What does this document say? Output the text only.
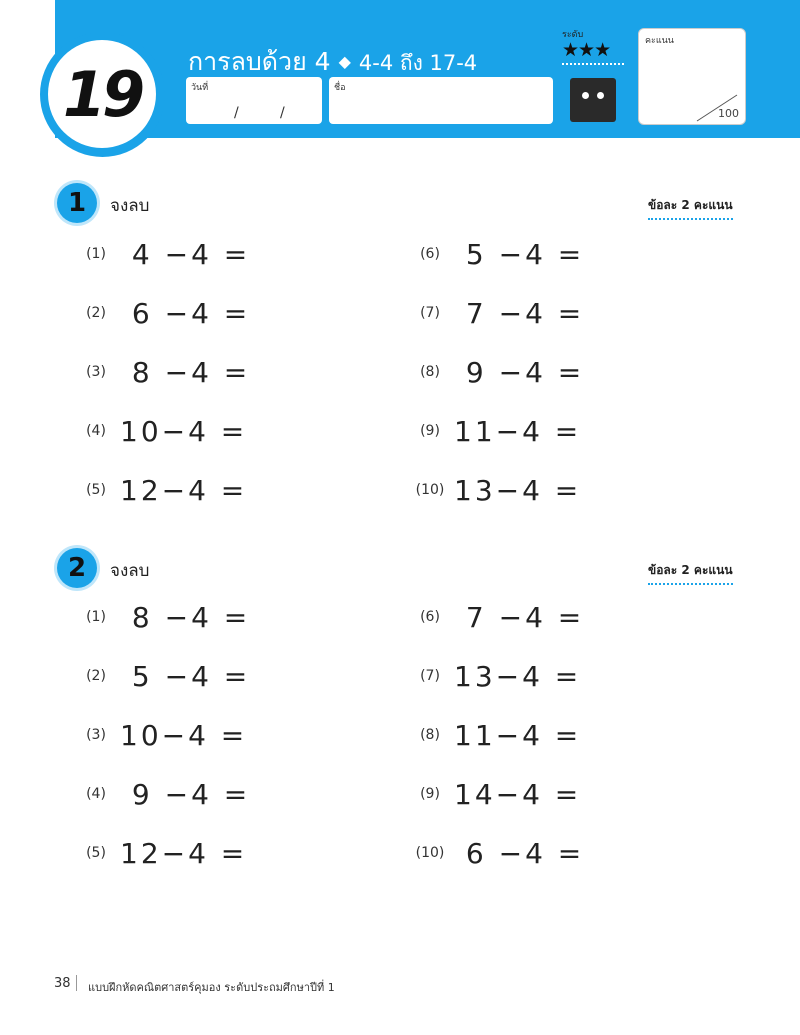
19 การลบด้วย 4 ◆ 4-4 ถึง 17-4
วันที่
/	/
ชื่อ
ระดับ
★★★	คะแนน
100
1 จงลบ	ข้อละ 2 คะแนน
(1) 4 −4 =
(2) 6 −4 =
(3) 8 −4 =
(4) 10−4 =
(5) 12−4 =
(6) 5 −4 =
(7) 7 −4 =
(8) 9 −4 =
(9) 11−4 =
(10) 13−4 =
2 จงลบ	ข้อละ 2 คะแนน
(1) 8 −4 =
(2) 5 −4 =
(3) 10−4 =
(4) 9 −4 =
(5) 12−4 =
(6) 7 −4 =
(7) 13−4 =
(8) 11−4 =
(9) 14−4 =
(10) 6 −4 =
38 แบบฝึกหัดคณิตศาสตร์คุมอง ระดับประถมศึกษาปีที่ 1
